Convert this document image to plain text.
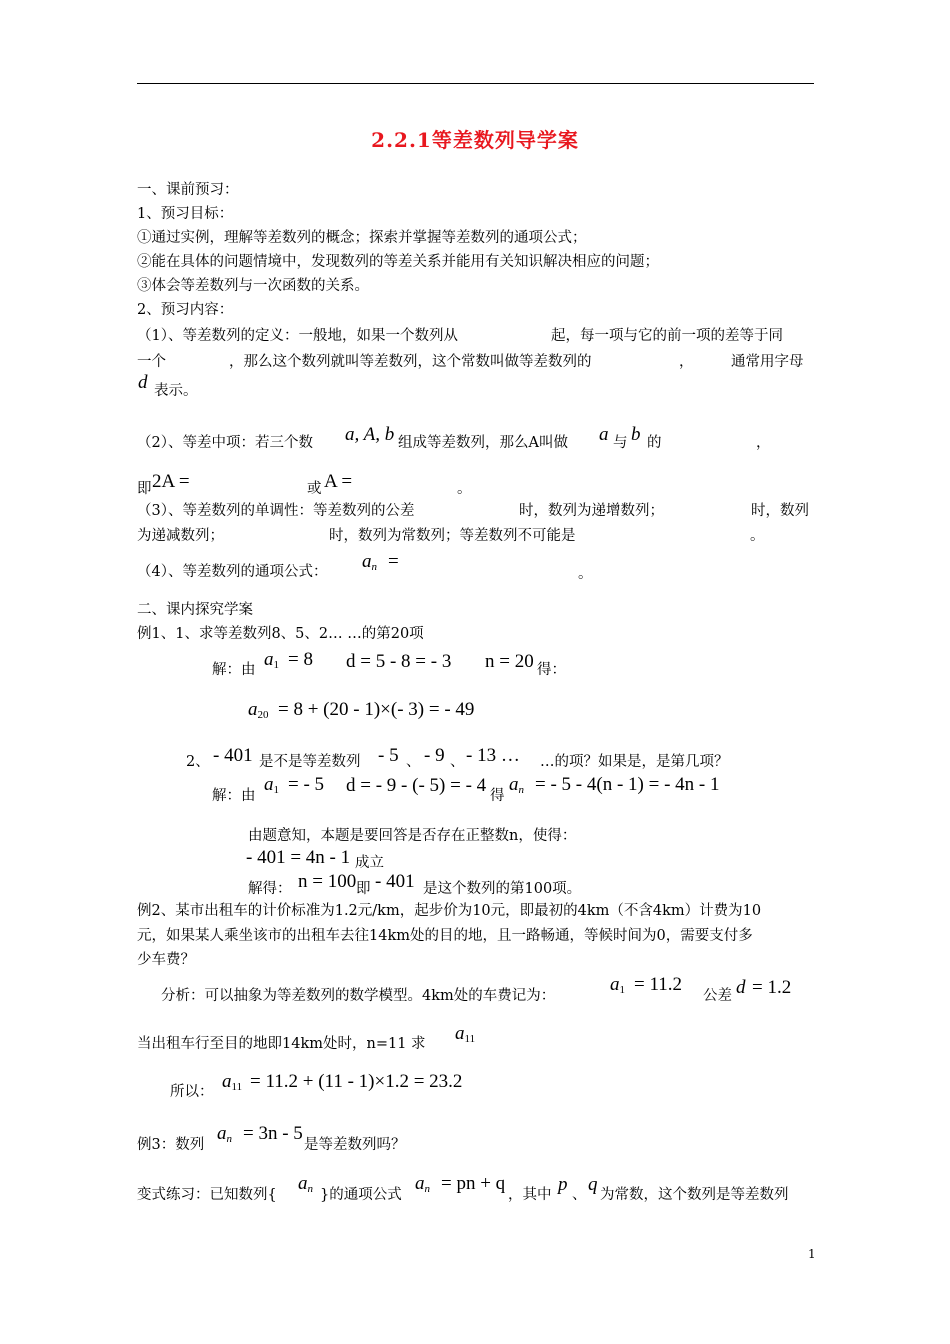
2.2.1等差数列导学案
一、课前预习：
1、预习目标：
①通过实例，理解等差数列的概念；探索并掌握等差数列的通项公式；
②能在具体的问题情境中，发现数列的等差关系并能用有关知识解决相应的问题；
③体会等差数列与一次函数的关系。
2、预习内容：
（1）、等差数列的定义：一般地，如果一个数列从	起，每一项与它的前一项的差等于同
一个	，那么这个数列就叫等差数列，这个常数叫做等差数列的	，	通常用字母
d 表示。
（2）、等差中项：若三个数 a, A, b 组成等差数列，那么A叫做 a 与 b 的	，
即 2A =	或 A =	。
（3）、等差数列的单调性：等差数列的公差	时，数列为递增数列；	时，数列
为递减数列；	时，数列为常数列；等差数列不可能是	。
（4）、等差数列的通项公式： $a_n$ =
。
二、课内探究学案
例1、1、求等差数列8、5、2… …的第20项
解：由 $a_1 = 8$ d = 5 - 8 = - 3 n = 20 得：
$a_{20} = 8 + (20 - 1)\times(-$ 3) = - 49
2、 - 401 是不是等差数列 - 5 、 - 9 、 - 13 … …的项？如果是，是第几项？
解：由
$a_1$ = - 5 d = - 9 - (- 5) = - 4 得
$a_n$ = - 5 - 4(n - 1) = - 4n - 1
由题意知，本题是要回答是否存在正整数n，使得：
- 401 = 4n - 1 成立
解得： n = 100 即 - 401 是这个数列的第100项。
例2、某市出租车的计价标准为1.2元/km，起步价为10元，即最初的4km（不含4km）计费为10
元，如果某人乘坐该市的出租车去往14km处的目的地，且一路畅通，等候时间为0，需要支付多
少车费？
分析：可以抽象为等差数列的数学模型。4km处的车费记为：
$a_1 = 11.2$
公差 d = 1.2
当出租车行至目的地即14km处时，n=11 求 $a_{11}$
所以： $a_{11} = 11.2 + (11 - 1)\times 1.2 = 23.2$
例3：数列
$a_n = 3n - 5$
是等差数列吗？
变式练习：已知数列{
$a_n$ }的通项公式
$a_n$ = pn + q
，其中 p 、 q 为常数，这个数列是等差数列
1
